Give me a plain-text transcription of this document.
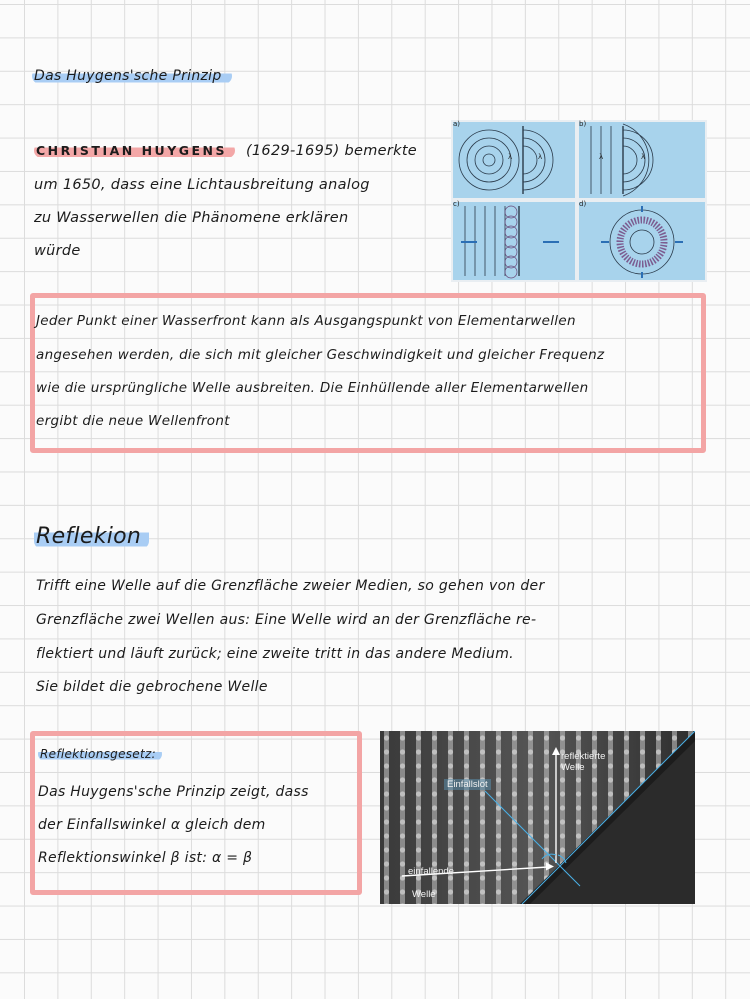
Das Huygens'sche Prinzip
CHRISTIAN HUYGENS (1629-1695) bemerkte
um 1650, dass eine Lichtausbreitung analog
zu Wasserwellen die Phänomene erklären
würde
a)	b)
c)	d)
λ	λ	λ	λ
Jeder Punkt einer Wasserfront kann als Ausgangspunkt von Elementarwellen
angesehen werden, die sich mit gleicher Geschwindigkeit und gleicher Frequenz
wie die ursprüngliche Welle ausbreiten. Die Einhüllende aller Elementarwellen
ergibt die neue Wellenfront
Reflekion
Trifft eine Welle auf die Grenzfläche zweier Medien, so gehen von der
Grenzfläche zwei Wellen aus: Eine Welle wird an der Grenzfläche re-
flektiert und läuft zurück; eine zweite tritt in das andere Medium.
Sie bildet die gebrochene Welle
Reflektionsgesetz:
Das Huygens'sche Prinzip zeigt, dass
der Einfallswinkel α gleich dem
Reflektionswinkel β ist: α = β
reflektierte
Welle
Einfallslot
einfallende
Welle
